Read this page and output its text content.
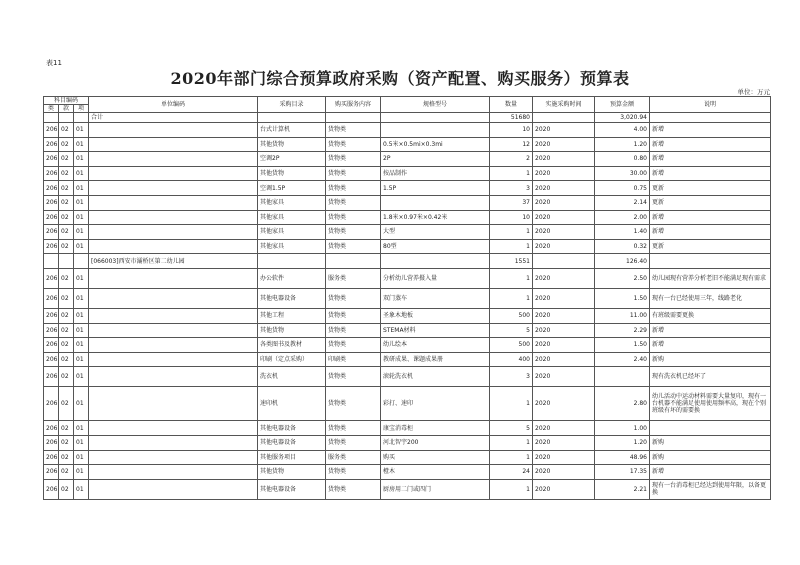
表11
2020年部门综合预算政府采购（资产配置、购买服务）预算表
单位：万元
科目编码			单位编码	采购目录	购买服务内容	规格型号	数量	实施采购时间	预算金额	说明
类	款	项								
			合计				51680		3,020.94	
206	02	01		台式计算机	货物类		10	2020	4.00	新增
206	02	01		其他货物	货物类	0.5米×0.5mi×0.3mi	12	2020	1.20	新增
206	02	01		空调2P	货物类	2P	2	2020	0.80	新增
206	02	01		其他货物	货物类	按品制作	1	2020	30.00	新增
206	02	01		空调1.5P	货物类	1.5P	3	2020	0.75	更新
206	02	01		其他家具	货物类		37	2020	2.14	更新
206	02	01		其他家具	货物类	1.8米×0.97米×0.42米	10	2020	2.00	新增
206	02	01		其他家具	货物类	大型	1	2020	1.40	新增
206	02	01		其他家具	货物类	80型	1	2020	0.32	更新
			[066003]西安市灞桥区第二幼儿园				1551		126.40	
206	02	01		办公软件	服务类	分析幼儿营养摄入量	1	2020	2.50	幼儿园现有营养分析老旧不能满足现有需求
206	02	01		其他电器设备	货物类	双门蒸车	1	2020	1.50	现有一台已经使用三年，线路老化
206	02	01		其他工程	货物类	圣象木地板	500	2020	11.00	有班级需要更换
206	02	01		其他货物	货物类	STEMA材料	5	2020	2.29	新增
206	02	01		各类图书及教材	货物类	幼儿绘本	500	2020	1.50	新增
206	02	01		印刷（定点采购）	印刷类	教研成果、课题成果册	400	2020	2.40	新购
206	02	01		洗衣机	货物类	滚轮洗衣机	3	2020		现有洗衣机已经坏了
206	02	01		速印机	货物类	彩打、速印	1	2020	2.80	幼儿活动中运动材料需要大量复印，现有一台机器不能满足使用使用频率高，现在个别班级有坏的需要换
206	02	01		其他电器设备	货物类	康宝消毒柜	5	2020	1.00	
206	02	01		其他电器设备	货物类	河北智宇200	1	2020	1.20	新购
206	02	01		其他服务项目	服务类	购买	1	2020	48.96	新购
206	02	01		其他货物	货物类	橙木	24	2020	17.35	新增
206	02	01		其他电器设备	货物类	厨房用二门或四门	1	2020	2.21	现有一台消毒柜已经达到使用年限，以备更换
